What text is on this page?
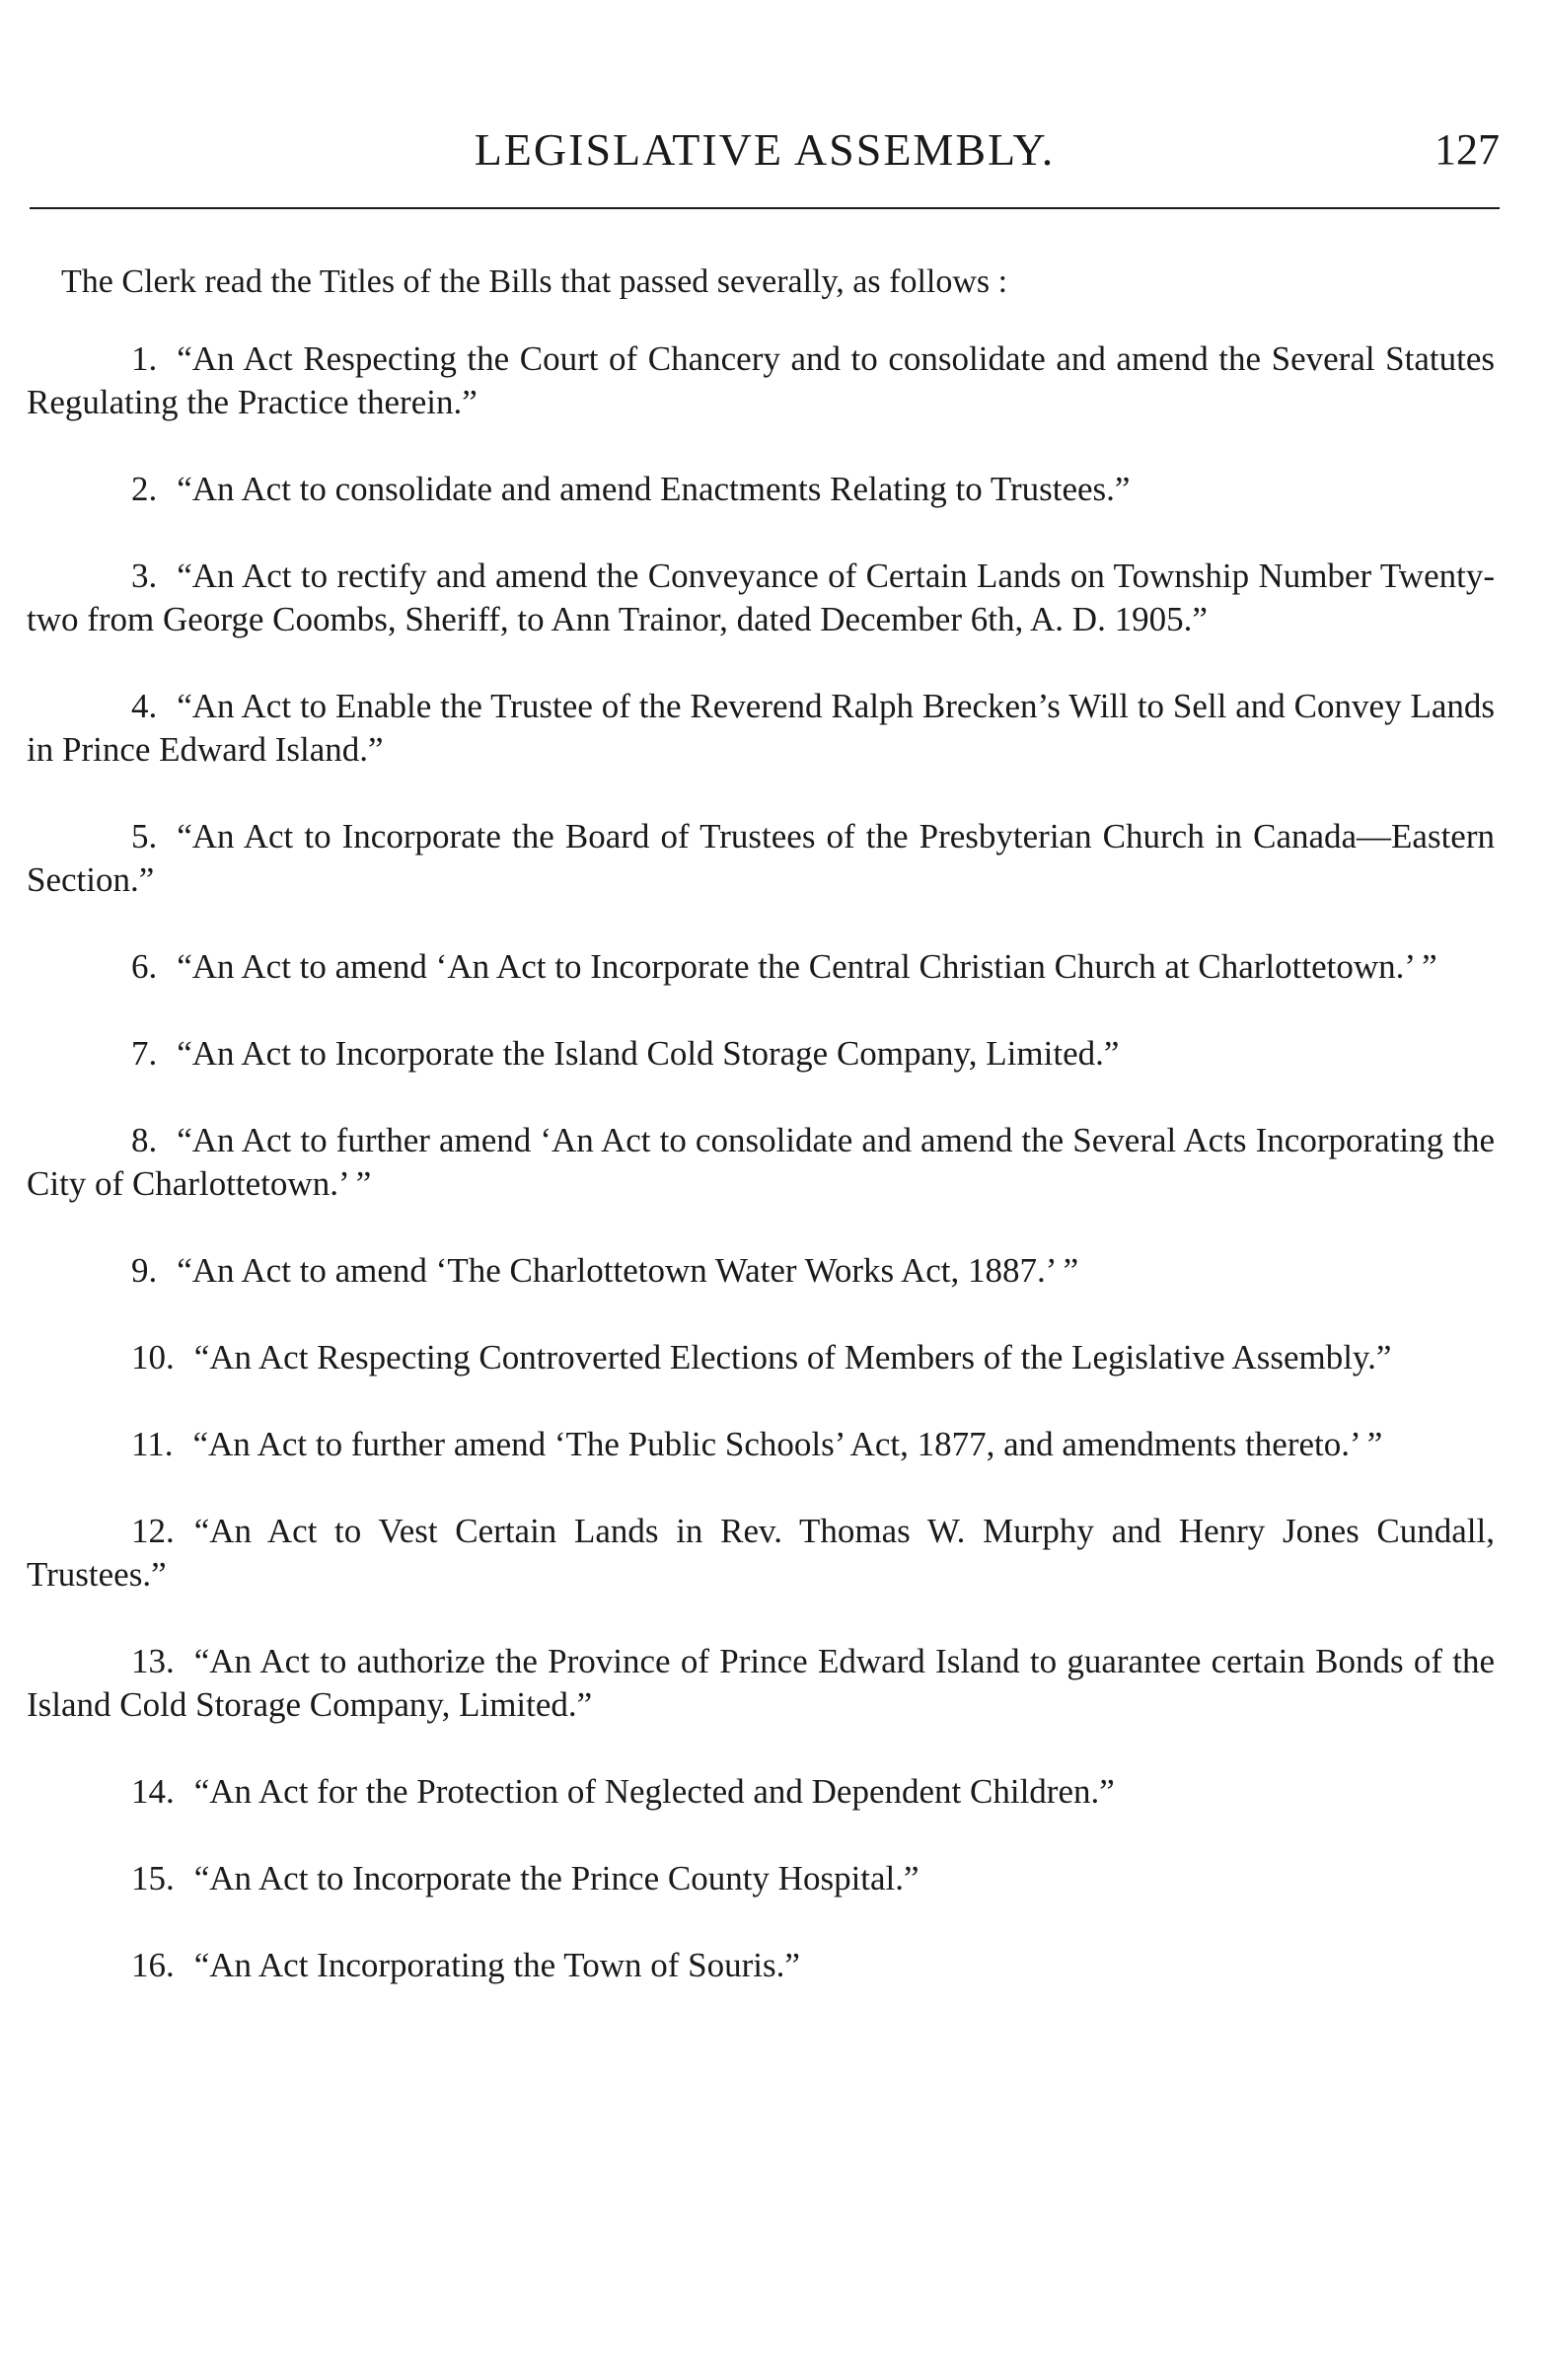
LEGISLATIVE ASSEMBLY.	127

The Clerk read the Titles of the Bills that passed severally, as follows :

1. “An Act Respecting the Court of Chancery and to consolidate and amend the Several Statutes Regulating the Practice therein.”
2. “An Act to consolidate and amend Enactments Relating to Trustees.”
3. “An Act to rectify and amend the Conveyance of Certain Lands on Township Number Twenty-two from George Coombs, Sheriff, to Ann Trainor, dated December 6th, A. D. 1905.”
4. “An Act to Enable the Trustee of the Reverend Ralph Brecken’s Will to Sell and Convey Lands in Prince Edward Island.”
5. “An Act to Incorporate the Board of Trustees of the Presbyterian Church in Canada—Eastern Section.”
6. “An Act to amend ‘An Act to Incorporate the Central Christian Church at Charlottetown.’ ”
7. “An Act to Incorporate the Island Cold Storage Company, Limited.”
8. “An Act to further amend ‘An Act to consolidate and amend the Several Acts Incorporating the City of Charlottetown.’ ”
9. “An Act to amend ‘The Charlottetown Water Works Act, 1887.’ ”
10. “An Act Respecting Controverted Elections of Members of the Legislative Assembly.”
11. “An Act to further amend ‘The Public Schools’ Act, 1877, and amendments thereto.’ ”
12. “An Act to Vest Certain Lands in Rev. Thomas W. Murphy and Henry Jones Cundall, Trustees.”
13. “An Act to authorize the Province of Prince Edward Island to guarantee certain Bonds of the Island Cold Storage Company, Limited.”
14. “An Act for the Protection of Neglected and Dependent Children.”
15. “An Act to Incorporate the Prince County Hospital.”
16. “An Act Incorporating the Town of Souris.”
